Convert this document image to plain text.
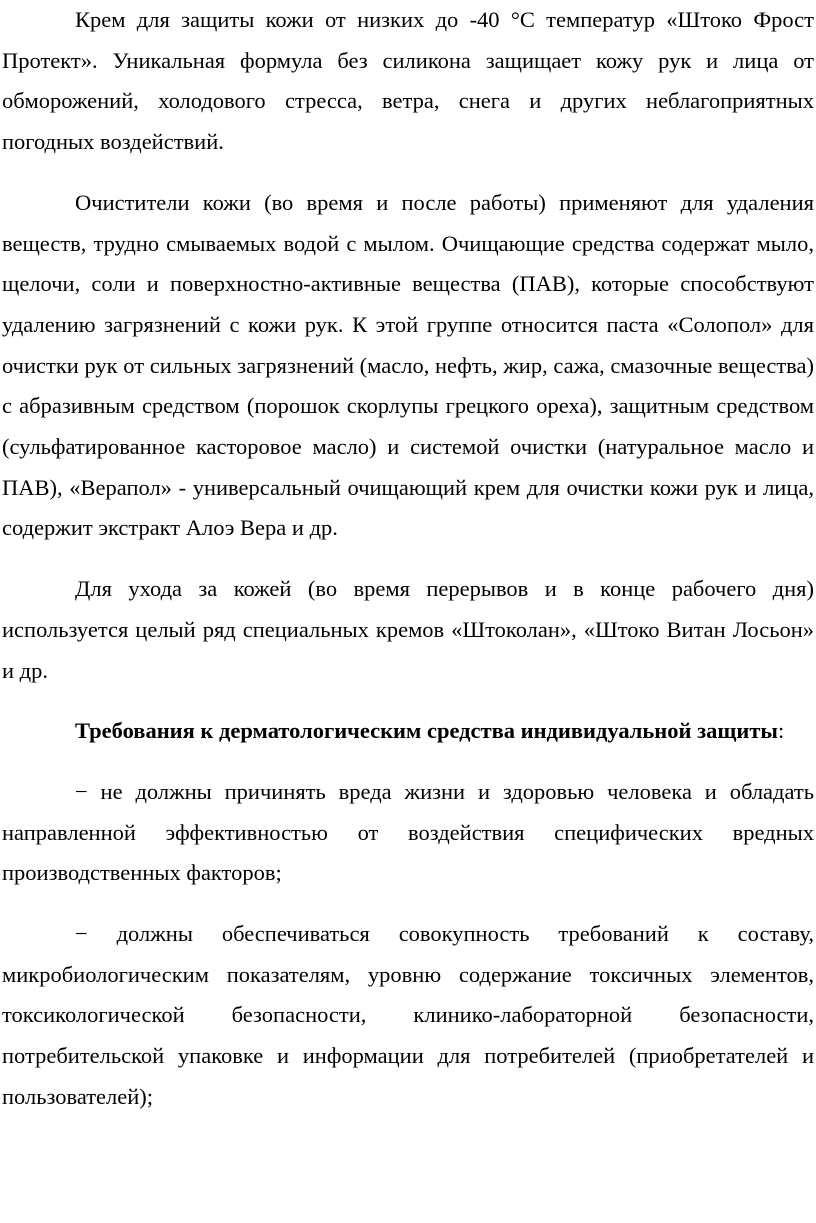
Крем для защиты кожи от низких до -40 °С температур «Штоко Фрост Протект». Уникальная формула без силикона защищает кожу рук и лица от обморожений, холодового стресса, ветра, снега и других неблагоприятных погодных воздействий.

Очистители кожи (во время и после работы) применяют для удаления веществ, трудно смываемых водой с мылом. Очищающие средства содержат мыло, щелочи, соли и поверхностно-активные вещества (ПАВ), которые способствуют удалению загрязнений с кожи рук. К этой группе относится паста «Солопол» для очистки рук от сильных загрязнений (масло, нефть, жир, сажа, смазочные вещества) с абразивным средством (порошок скорлупы грецкого ореха), защитным средством (сульфатированное касторовое масло) и системой очистки (натуральное масло и ПАВ), «Верапол» - универсальный очищающий крем для очистки кожи рук и лица, содержит экстракт Алоэ Вера и др.

Для ухода за кожей (во время перерывов и в конце рабочего дня) используется целый ряд специальных кремов «Штоколан», «Штоко Витан Лосьон» и др.

Требования к дерматологическим средства индивидуальной защиты:

− не должны причинять вреда жизни и здоровью человека и обладать направленной эффективностью от воздействия специфических вредных производственных факторов;

− должны обеспечиваться совокупность требований к составу, микробиологическим показателям, уровню содержание токсичных элементов, токсикологической безопасности, клинико-лабораторной безопасности, потребительской упаковке и информации для потребителей (приобретателей и пользователей);
